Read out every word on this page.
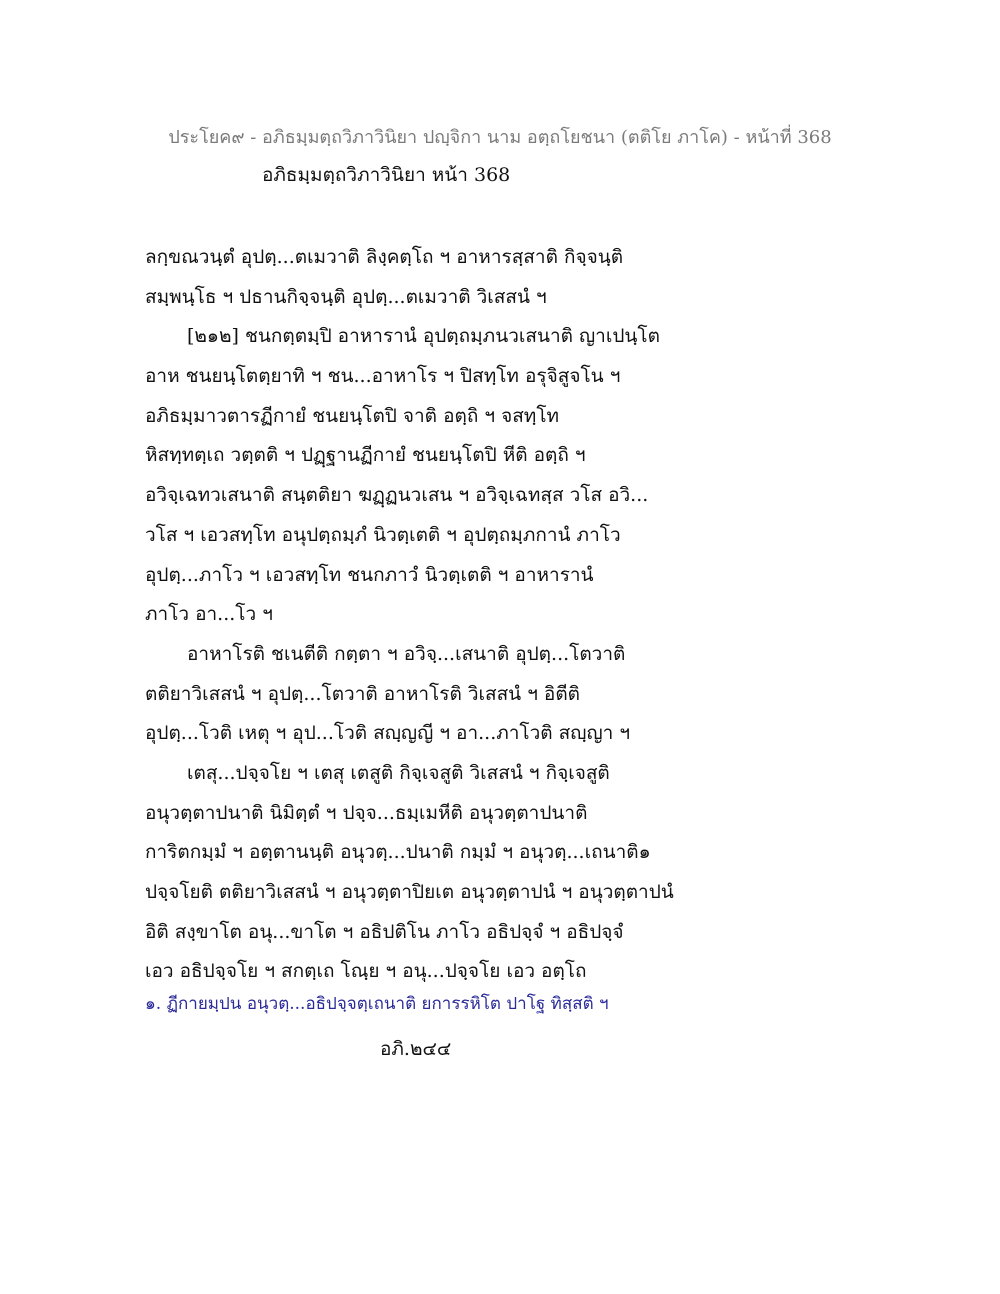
ประโยค๙ - อภิธมฺมตฺถวิภาวินิยา ปญฺจิกา นาม อตฺถโยชนา (ตติโย ภาโค) - หน้าที่ 368
อภิธมฺมตฺถวิภาวินิยา หน้า 368
ลกฺขณวนฺตํ อุปตฺ...ตเมวาติ ลิงฺคตฺโถ ฯ อาหารสฺสาติ กิจฺจนฺติ
สมฺพนฺโธ ฯ ปธานกิจฺจนฺติ อุปตฺ...ตเมวาติ วิเสสนํ ฯ
[๒๑๒] ชนกตฺตมฺปิ อาหารานํ อุปตฺถมฺภนวเสนาติ ญาเปนฺโต
อาห ชนยนฺโตตฺยาทิ ฯ ชน...อาหาโร ฯ ปิสทฺโท อรุจิสูจโน ฯ
อภิธมฺมาวตารฏีกายํ ชนยนฺโตปิ จาติ อตฺถิ ฯ จสทฺโท
หิสทฺทตฺเถ วตฺตติ ฯ ปฏฺฐานฏีกายํ ชนยนฺโตปิ หีติ อตฺถิ ฯ
อวิจฺเฉทวเสนาติ สนฺตติยา ฆฏฺฏนวเสน ฯ อวิจฺเฉทสฺส วโส อวิ...
วโส ฯ เอวสทฺโท อนุปตฺถมฺภํ นิวตฺเตติ ฯ อุปตฺถมฺภกานํ ภาโว
อุปตฺ...ภาโว ฯ เอวสทฺโท ชนกภาวํ นิวตฺเตติ ฯ อาหารานํ
ภาโว อา...โว ฯ
อาหาโรติ ชเนตีติ กตฺตา ฯ อวิจฺ...เสนาติ อุปตฺ...โตวาติ
ตติยาวิเสสนํ ฯ อุปตฺ...โตวาติ อาหาโรติ วิเสสนํ ฯ อิตีติ
อุปตฺ...โวติ เหตุ ฯ อุป...โวติ สญฺญญี ฯ อา...ภาโวติ สญฺญา ฯ
เตสุ...ปจฺจโย ฯ เตสุ เตสูติ กิจฺเจสูติ วิเสสนํ ฯ กิจฺเจสูติ
อนุวตฺตาปนาติ นิมิตฺตํ ฯ ปจฺจ...ธมฺเมหีติ อนุวตฺตาปนาติ
การิตกมฺมํ ฯ อตฺตานนฺติ อนุวตฺ...ปนาติ กมฺมํ ฯ อนุวตฺ...เถนาติ๑
ปจฺจโยติ ตติยาวิเสสนํ ฯ อนุวตฺตาปิยเต อนุวตฺตาปนํ ฯ อนุวตฺตาปนํ
อิติ สงฺขาโต อนุ...ขาโต ฯ อธิปติโน ภาโว อธิปจฺจํ ฯ อธิปจฺจํ
เอว อธิปจฺจโย ฯ สกตฺเถ โณฺย ฯ อนุ...ปจฺจโย เอว อตฺโถ
๑. ฏีกายมฺปน อนุวตฺ...อธิปจฺจตฺเถนาติ ยการรหิโต ปาโฐ ทิสฺสติ ฯ
อภิ.๒๔๔
